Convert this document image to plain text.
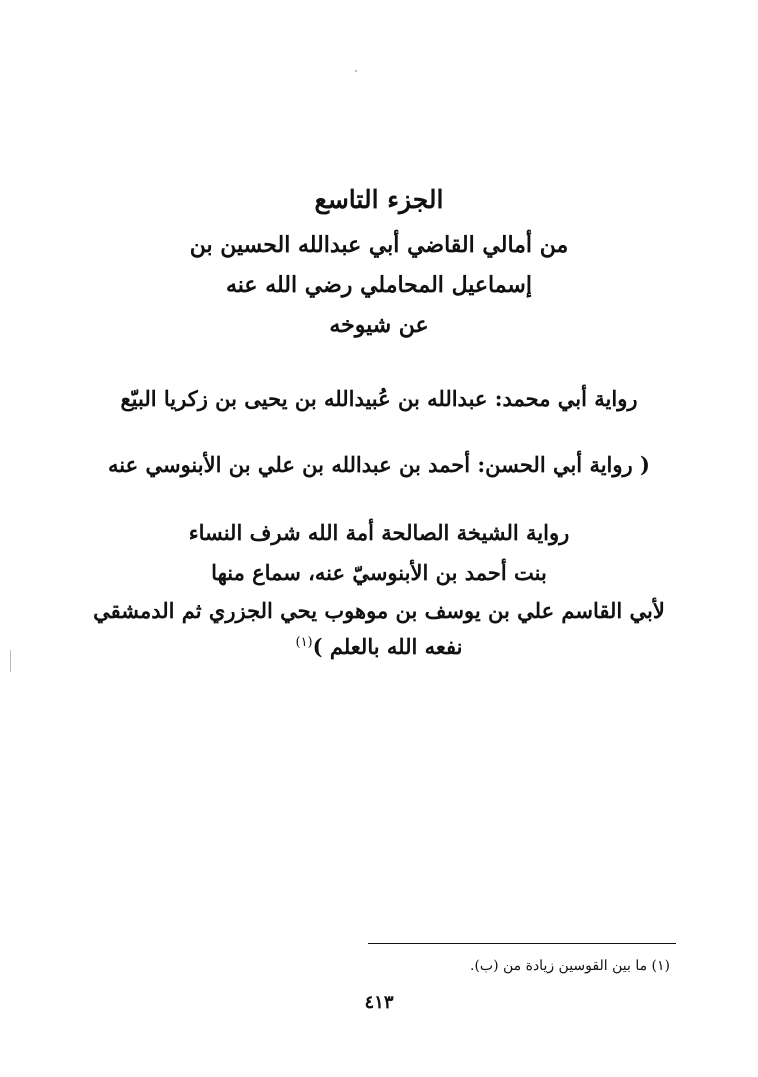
الجزء التاسع
من أمالي القاضي أبي عبدالله الحسين بن
إسماعيل المحاملي رضي الله عنه
عن شيوخه
رواية أبي محمد: عبدالله بن عُبيدالله بن يحيى بن زكريا البيّع
( رواية أبي الحسن: أحمد بن عبدالله بن علي بن الأبنوسي عنه
رواية الشيخة الصالحة أمة الله شرف النساء
بنت أحمد بن الأبنوسيّ عنه، سماع منها
لأبي القاسم علي بن يوسف بن موهوب يحي الجزري ثم الدمشقي
نفعه الله بالعلم )$^{(١)}$
(١) ما بين القوسين زيادة من (ب).
٤١٣
